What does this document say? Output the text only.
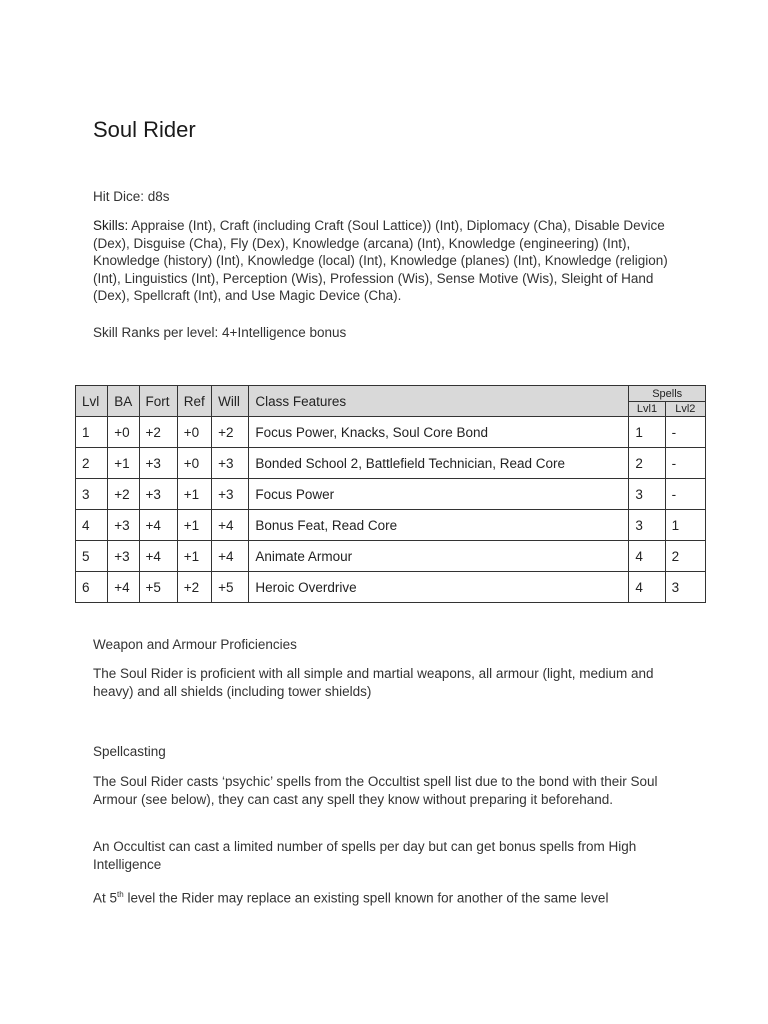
Soul Rider
Hit Dice: d8s
Skills: Appraise (Int), Craft (including Craft (Soul Lattice)) (Int), Diplomacy (Cha), Disable Device (Dex), Disguise (Cha), Fly (Dex), Knowledge (arcana) (Int), Knowledge (engineering) (Int), Knowledge (history) (Int), Knowledge (local) (Int), Knowledge (planes) (Int), Knowledge (religion) (Int), Linguistics (Int), Perception (Wis), Profession (Wis), Sense Motive (Wis), Sleight of Hand (Dex), Spellcraft (Int), and Use Magic Device (Cha).
Skill Ranks per level: 4+Intelligence bonus
Lvl	BA	Fort	Ref	Will	Class Features	Spells	
						Lvl1	Lvl2
1	+0	+2	+0	+2	Focus Power, Knacks, Soul Core Bond	1	-
2	+1	+3	+0	+3	Bonded School 2, Battlefield Technician, Read Core	2	-
3	+2	+3	+1	+3	Focus Power	3	-
4	+3	+4	+1	+4	Bonus Feat, Read Core	3	1
5	+3	+4	+1	+4	Animate Armour	4	2
6	+4	+5	+2	+5	Heroic Overdrive	4	3
Weapon and Armour Proficiencies
The Soul Rider is proficient with all simple and martial weapons, all armour (light, medium and heavy) and all shields (including tower shields)
Spellcasting
The Soul Rider casts ‘psychic’ spells from the Occultist spell list due to the bond with their Soul Armour (see below), they can cast any spell they know without preparing it beforehand.
An Occultist can cast a limited number of spells per day but can get bonus spells from High Intelligence
At 5th level the Rider may replace an existing spell known for another of the same level
